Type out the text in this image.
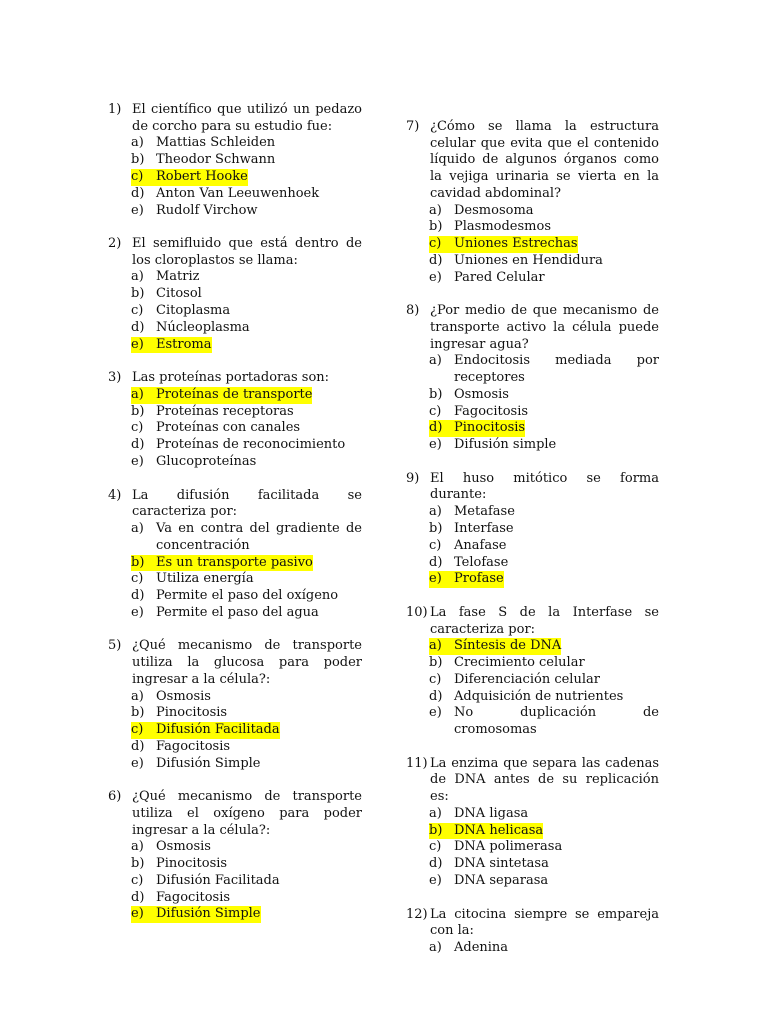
1) El científico que utilizó un pedazo de corcho para su estudio fue:
a) Mattias Schleiden
b) Theodor Schwann
c) Robert Hooke
d) Anton Van Leeuwenhoek
e) Rudolf Virchow
2) El semifluido que está dentro de los cloroplastos se llama:
a) Matriz
b) Citosol
c) Citoplasma
d) Núcleoplasma
e) Estroma
3) Las proteínas portadoras son:
a) Proteínas de transporte
b) Proteínas receptoras
c) Proteínas con canales
d) Proteínas de reconocimiento
e) Glucoproteínas
4) La difusión facilitada se caracteriza por:
a) Va en contra del gradiente de concentración
b) Es un transporte pasivo
c) Utiliza energía
d) Permite el paso del oxígeno
e) Permite el paso del agua
5) ¿Qué mecanismo de transporte utiliza la glucosa para poder ingresar a la célula?:
a) Osmosis
b) Pinocitosis
c) Difusión Facilitada
d) Fagocitosis
e) Difusión Simple
6) ¿Qué mecanismo de transporte utiliza el oxígeno para poder ingresar a la célula?:
a) Osmosis
b) Pinocitosis
c) Difusión Facilitada
d) Fagocitosis
e) Difusión Simple
7) ¿Cómo se llama la estructura celular que evita que el contenido líquido de algunos órganos como la vejiga urinaria se vierta en la cavidad abdominal?
a) Desmosoma
b) Plasmodesmos
c) Uniones Estrechas
d) Uniones en Hendidura
e) Pared Celular
8) ¿Por medio de que mecanismo de transporte activo la célula puede ingresar agua?
a) Endocitosis mediada por receptores
b) Osmosis
c) Fagocitosis
d) Pinocitosis
e) Difusión simple
9) El huso mitótico se forma durante:
a) Metafase
b) Interfase
c) Anafase
d) Telofase
e) Profase
10) La fase S de la Interfase se caracteriza por:
a) Síntesis de DNA
b) Crecimiento celular
c) Diferenciación celular
d) Adquisición de nutrientes
e) No duplicación de cromosomas
11) La enzima que separa las cadenas de DNA antes de su replicación es:
a) DNA ligasa
b) DNA helicasa
c) DNA polimerasa
d) DNA sintetasa
e) DNA separasa
12) La citocina siempre se empareja con la:
a) Adenina
